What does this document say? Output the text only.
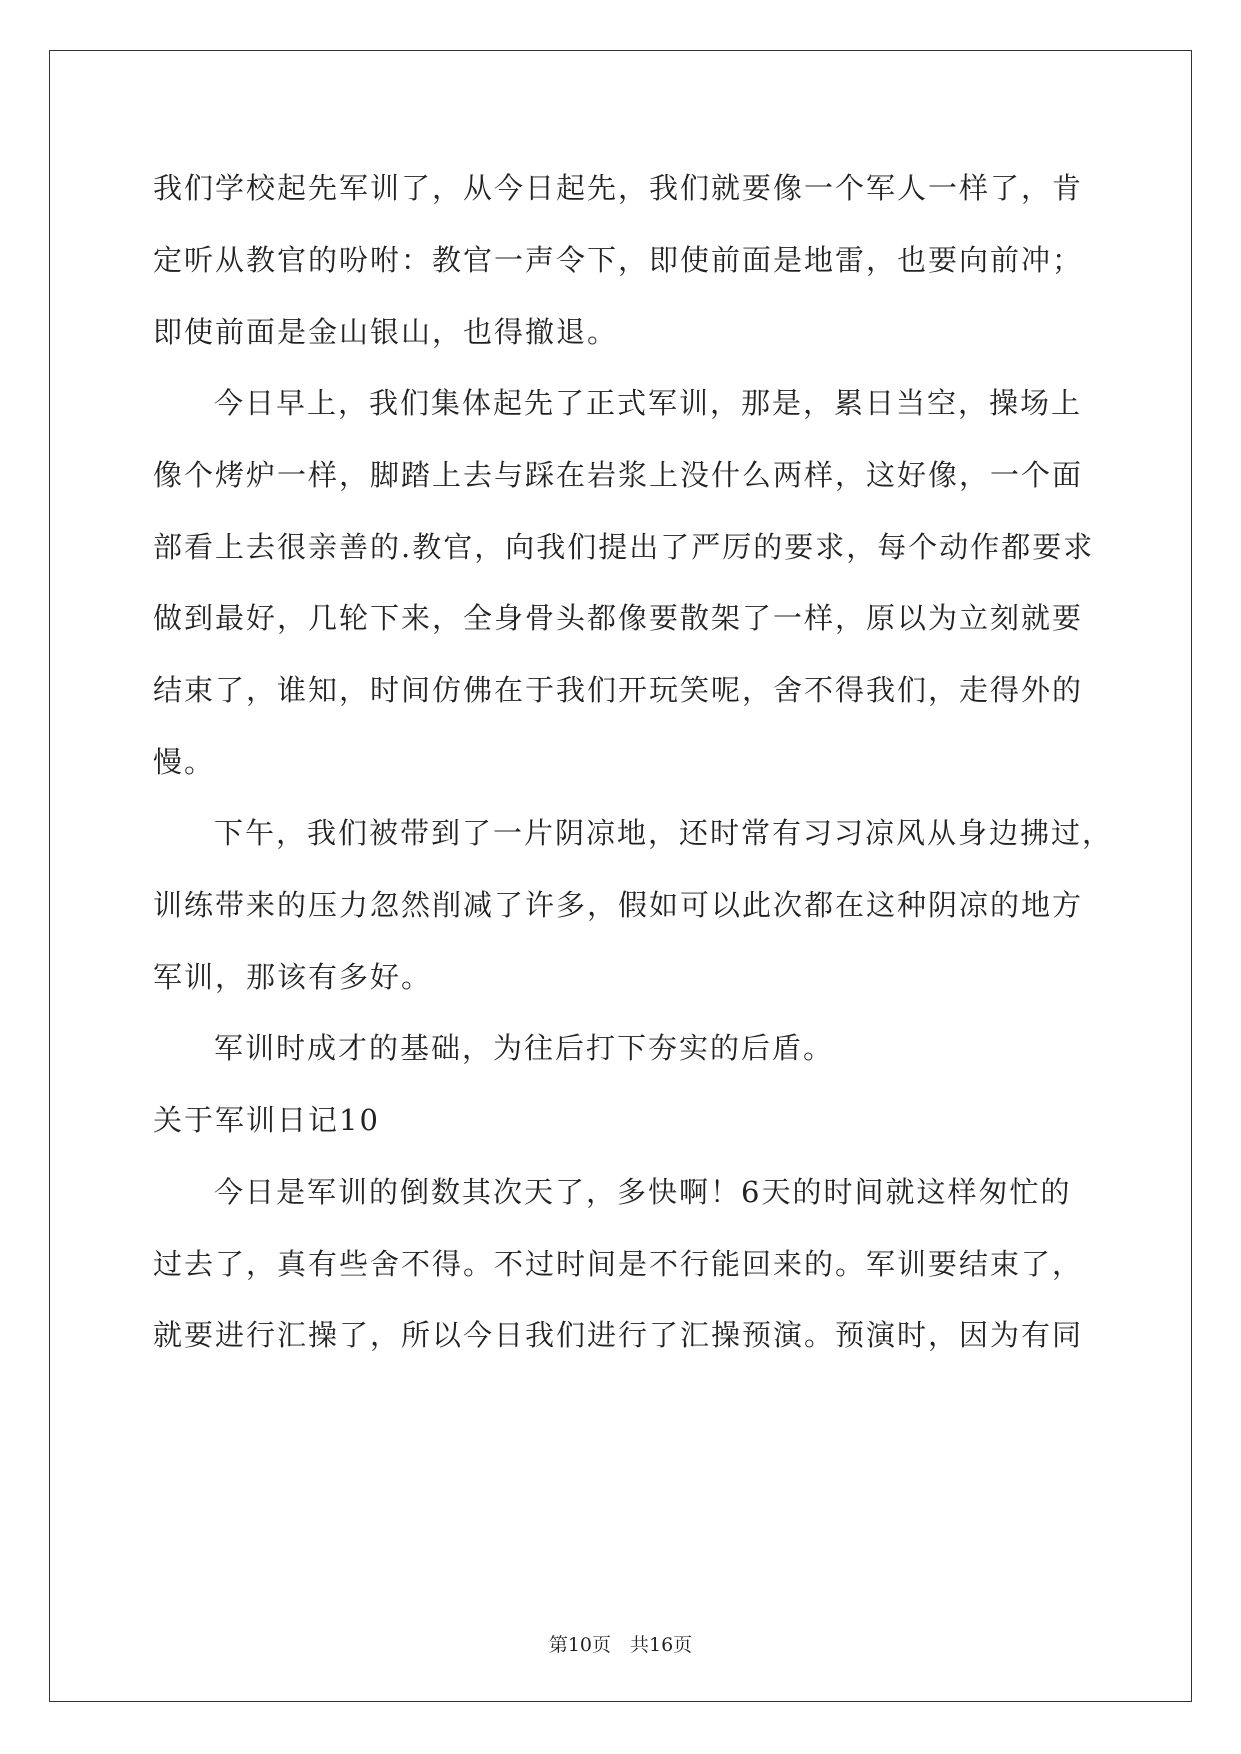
我们学校起先军训了，从今日起先，我们就要像一个军人一样了，肯
定听从教官的吩咐：教官一声令下，即使前面是地雷，也要向前冲；
即使前面是金山银山，也得撤退。
今日早上，我们集体起先了正式军训，那是，累日当空，操场上
像个烤炉一样，脚踏上去与踩在岩浆上没什么两样，这好像，一个面
部看上去很亲善的.教官，向我们提出了严厉的要求，每个动作都要求
做到最好，几轮下来，全身骨头都像要散架了一样，原以为立刻就要
结束了，谁知，时间仿佛在于我们开玩笑呢，舍不得我们，走得外的
慢。
下午，我们被带到了一片阴凉地，还时常有习习凉风从身边拂过，
训练带来的压力忽然削减了许多，假如可以此次都在这种阴凉的地方
军训，那该有多好。
军训时成才的基础，为往后打下夯实的后盾。
关于军训日记10
今日是军训的倒数其次天了，多快啊！6天的时间就这样匆忙的
过去了，真有些舍不得。不过时间是不行能回来的。军训要结束了，
就要进行汇操了，所以今日我们进行了汇操预演。预演时，因为有同
第10页　共16页
